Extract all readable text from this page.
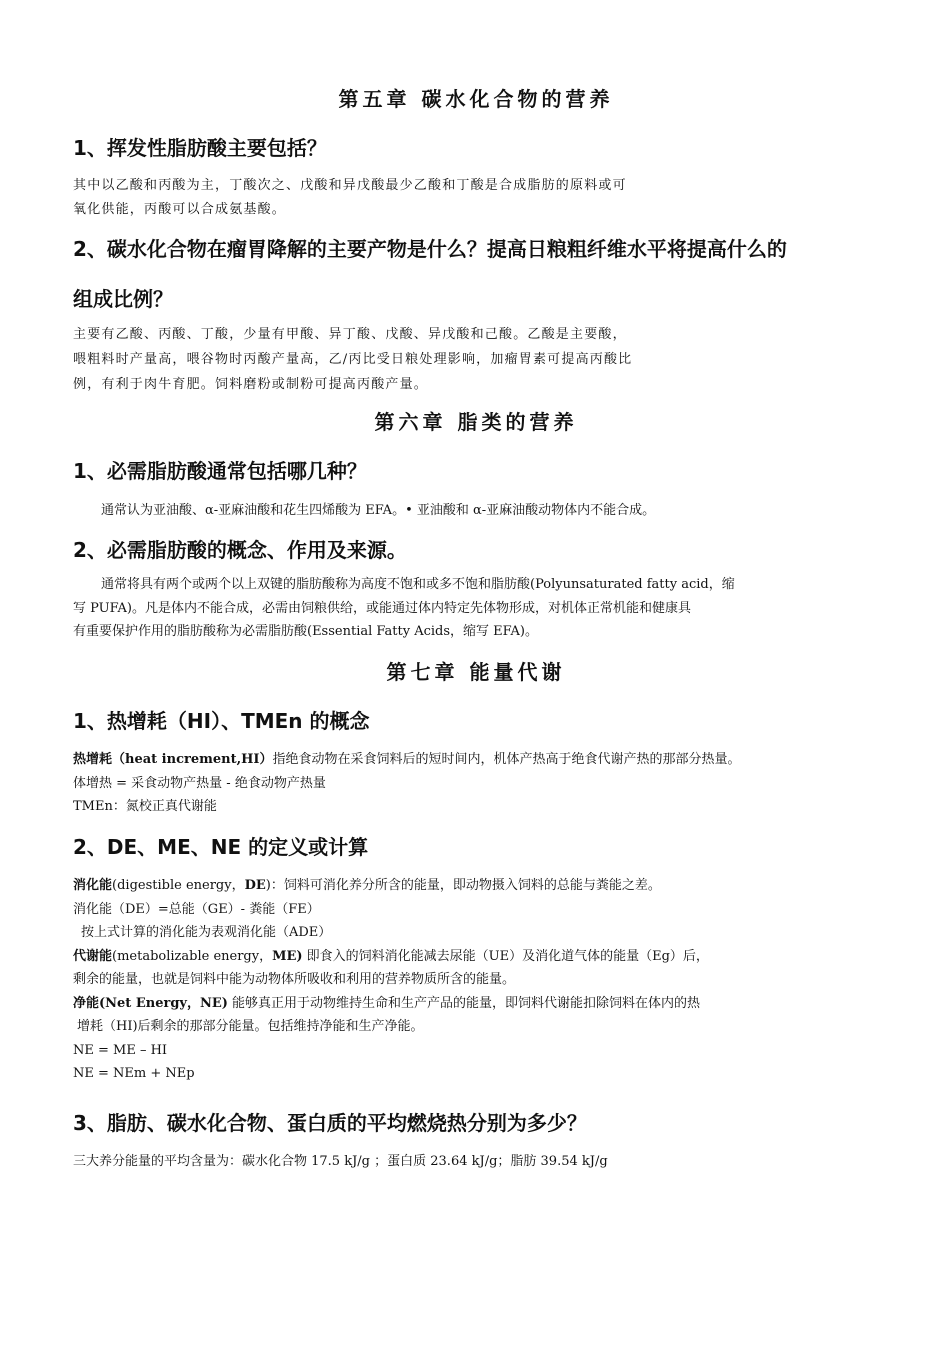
第五章 碳水化合物的营养
1、挥发性脂肪酸主要包括？
其中以乙酸和丙酸为主，丁酸次之、戊酸和异戊酸最少乙酸和丁酸是合成脂肪的原料或可
氧化供能，丙酸可以合成氨基酸。
2、碳水化合物在瘤胃降解的主要产物是什么？提高日粮粗纤维水平将提高什么的
组成比例？
主要有乙酸、丙酸、丁酸，少量有甲酸、异丁酸、戊酸、异戊酸和己酸。乙酸是主要酸，
喂粗料时产量高，喂谷物时丙酸产量高，乙/丙比受日粮处理影响，加瘤胃素可提高丙酸比
例，有利于肉牛育肥。饲料磨粉或制粉可提高丙酸产量。
第六章 脂类的营养
1、必需脂肪酸通常包括哪几种？
通常认为亚油酸、α-亚麻油酸和花生四烯酸为 EFA。• 亚油酸和 α-亚麻油酸动物体内不能合成。
2、必需脂肪酸的概念、作用及来源。
通常将具有两个或两个以上双键的脂肪酸称为高度不饱和或多不饱和脂肪酸(Polyunsaturated fatty acid，缩
写 PUFA)。凡是体内不能合成，必需由饲粮供给，或能通过体内特定先体物形成，对机体正常机能和健康具
有重要保护作用的脂肪酸称为必需脂肪酸(Essential Fatty Acids，缩写 EFA)。
第七章 能量代谢
1、热增耗（HI）、TMEn 的概念
热增耗（heat increment,HI）指绝食动物在采食饲料后的短时间内，机体产热高于绝食代谢产热的那部分热量。
体增热 = 采食动物产热量 - 绝食动物产热量
TMEn：氮校正真代谢能
2、DE、ME、NE 的定义或计算
消化能(digestible energy，DE)：饲料可消化养分所含的能量，即动物摄入饲料的总能与粪能之差。
消化能（DE）=总能（GE）- 粪能（FE）
按上式计算的消化能为表观消化能（ADE）
代谢能(metabolizable energy，ME) 即食入的饲料消化能减去尿能（UE）及消化道气体的能量（Eg）后，
剩余的能量，也就是饲料中能为动物体所吸收和利用的营养物质所含的能量。
净能(Net Energy，NE) 能够真正用于动物维持生命和生产产品的能量，即饲料代谢能扣除饲料在体内的热
增耗（HI)后剩余的那部分能量。包括维持净能和生产净能。
NE = ME – HI
NE = NEm + NEp
3、脂肪、碳水化合物、蛋白质的平均燃烧热分别为多少？
三大养分能量的平均含量为：碳水化合物 17.5 kJ/g ；蛋白质 23.64 kJ/g；脂肪 39.54 kJ/g
